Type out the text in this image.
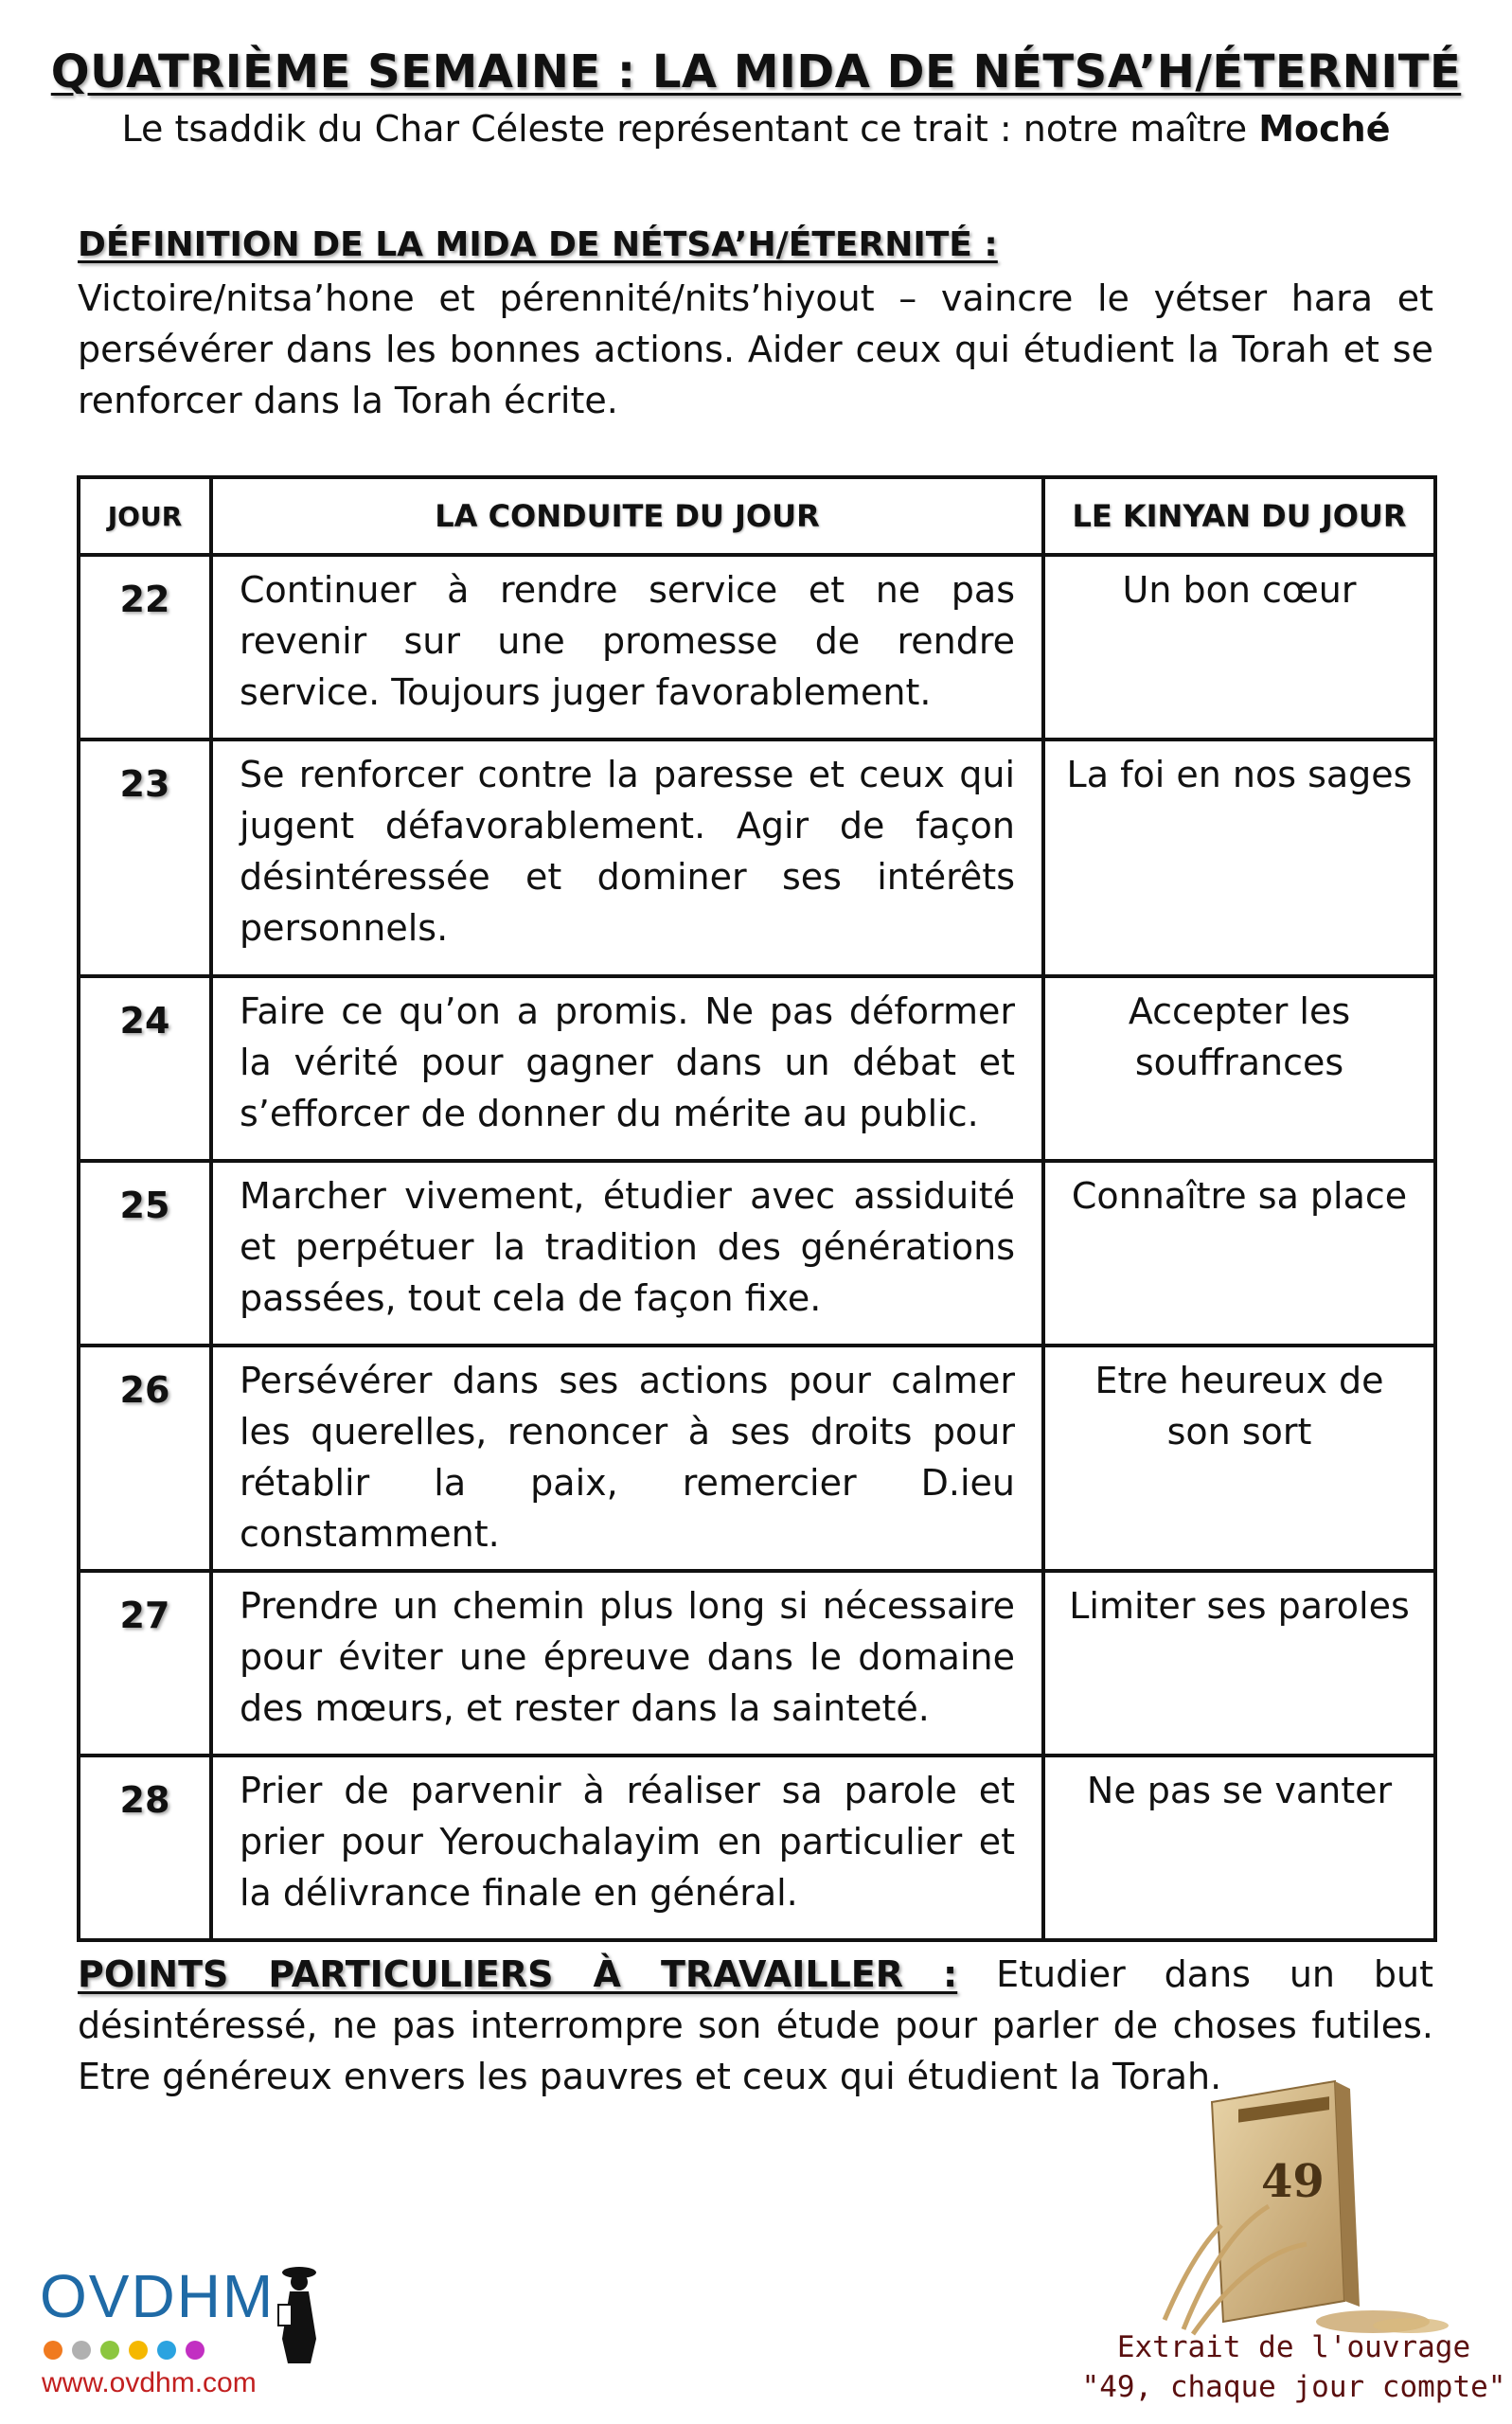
QUATRIÈME SEMAINE : LA MIDA DE NÉTSA’H/ÉTERNITÉ
Le tsaddik du Char Céleste représentant ce trait : notre maître Moché
DÉFINITION DE LA MIDA DE NÉTSA’H/ÉTERNITÉ :
Victoire/nitsa’hone et pérennité/nits’hiyout – vaincre le yétser hara et persévérer dans les bonnes actions. Aider ceux qui étudient la Torah et se renforcer dans la Torah écrite.
JOUR	LA CONDUITE DU JOUR	LE KINYAN DU JOUR
22	Continuer à rendre service et ne pas revenir sur une promesse de rendre service. Toujours juger favorablement.	Un bon cœur
23	Se renforcer contre la paresse et ceux qui jugent défavorablement. Agir de façon désintéressée et dominer ses intérêts personnels.	La foi en nos sages
24	Faire ce qu’on a promis. Ne pas déformer la vérité pour gagner dans un débat et s’efforcer de donner du mérite au public.	Accepter les souffrances
25	Marcher vivement, étudier avec assiduité et perpétuer la tradition des générations passées, tout cela de façon fixe.	Connaître sa place
26	Persévérer dans ses actions pour calmer les querelles, renoncer à ses droits pour rétablir la paix, remercier D.ieu constamment.	Etre heureux de son sort
27	Prendre un chemin plus long si nécessaire pour éviter une épreuve dans le domaine des mœurs, et rester dans la sainteté.	Limiter ses paroles
28	Prier de parvenir à réaliser sa parole et prier pour Yerouchalayim en particulier et la délivrance finale en général.	Ne pas se vanter
POINTS PARTICULIERS À TRAVAILLER : Etudier dans un but désintéressé, ne pas interrompre son étude pour parler de choses futiles. Etre généreux envers les pauvres et ceux qui étudient la Torah.
OVDHM
www.ovdhm.com
49
Extrait de l'ouvrage
"49, chaque jour compte"
